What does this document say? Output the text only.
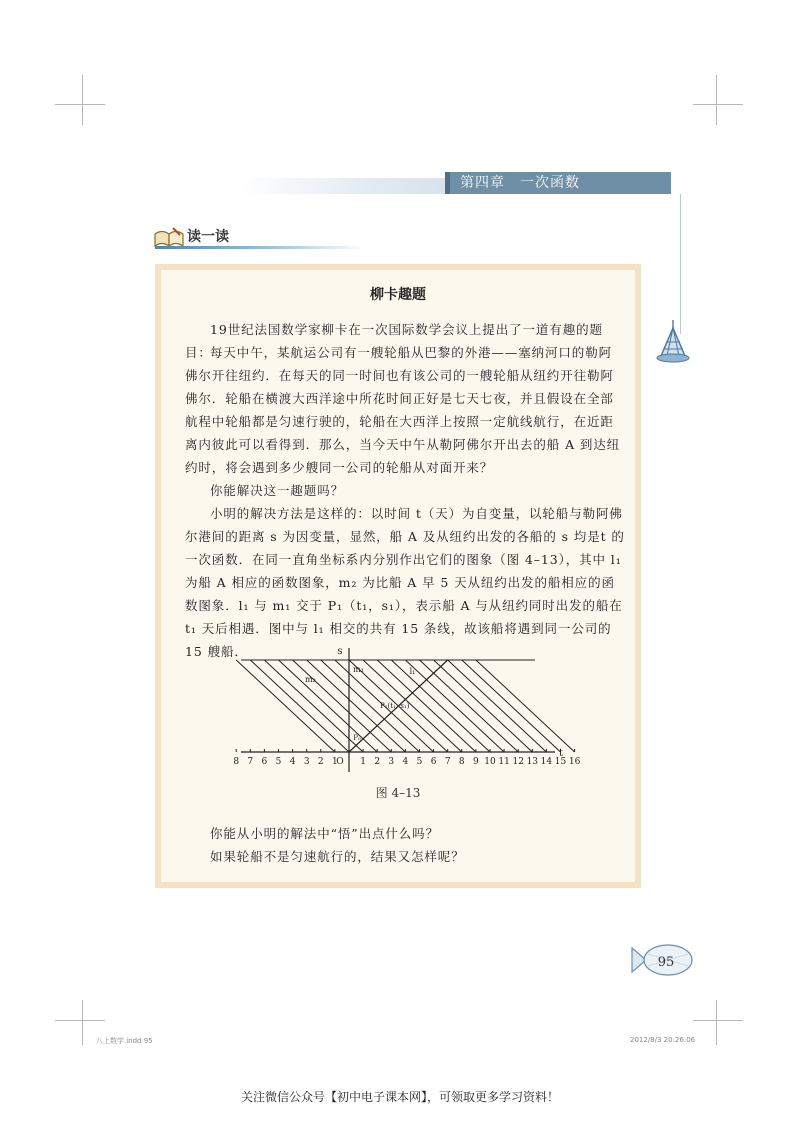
第四章　一次函数
读一读
柳卡趣题

19世纪法国数学家柳卡在一次国际数学会议上提出了一道有趣的题目：

每天中午，某航运公司有一艘轮船从巴黎的外港——塞纳河口的勒阿佛尔开往纽约．在每天的同一时间也有该公司的一艘轮船从纽约开往勒阿佛尔．轮船在横渡大西洋途中所花时间正好是七天七夜，并且假设在全部航程中轮船都是匀速行驶的，轮船在大西洋上按照一定航线航行，在近距离内彼此可以看得到．那么，当今天中午从勒阿佛尔开出去的船 A 到达纽约时，将会遇到多少艘同一公司的轮船从对面开来？

你能解决这一趣题吗？

小明的解决方法是这样的：以时间 t（天）为自变量，以轮船与勒阿佛尔港间的距离 s 为因变量，显然，船 A 及从纽约出发的各船的 s 均是t 的一次函数．在同一直角坐标系内分别作出它们的图象（图 4–13），其中 l₁ 为船 A 相应的函数图象，m₂ 为比船 A 早 5 天从纽约出发的船相应的函数图象．l₁ 与 m₁ 交于 P₁（t₁，s₁），表示船 A 与从纽约同时出发的船在 t₁ 天后相遇．图中与 l₁ 相交的共有 15 条线，故该船将遇到同一公司的 15 艘船．

8 7 6 5 4 3 2 1 1 2 3 4 5 6 7 8 9 10 11 12 13 14 15 16
O
t
s
m₁
m₂
l₁
P₁(t₁, s₁)
P₀
图 4–13

你能从小明的解法中“悟”出点什么吗？

如果轮船不是匀速航行的，结果又怎样呢？

95
八上数学.indd 95	2012/8/3 20:26:06
关注微信公众号【初中电子课本网】，可领取更多学习资料！
